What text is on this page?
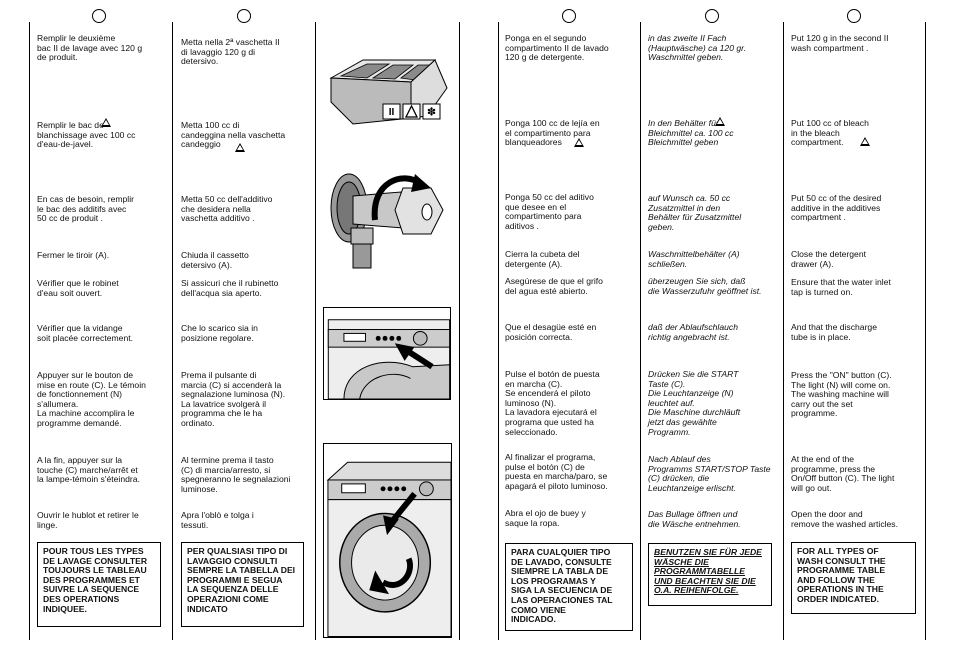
Remplir le deuxième
bac II de lavage avec 120 g
de produit.

Remplir le bac de
blanchissage avec 100 cc
d'eau-de-javel.

En cas de besoin, remplir
le bac des additifs avec
50 cc de produit .

Fermer le tiroir (A).

Vérifier que le robinet
d'eau soit ouvert.

Vérifier que la vidange
soit placée correctement.

Appuyer sur le bouton de
mise en route (C). Le témoin
de fonctionnement (N)
s'allumera.
La machine accomplira le
programme demandé.

A la fin, appuyer sur la
touche (C) marche/arrêt et
la lampe-témoin s'éteindra.

Ouvrir le hublot et retirer le
linge.

POUR TOUS LES TYPES
DE LAVAGE CONSULTER
TOUJOURS LE TABLEAU
DES PROGRAMMES ET
SUIVRE LA SEQUENCE
DES OPERATIONS
INDIQUEE.

Metta nella 2ª vaschetta II
di lavaggio 120 g di
detersivo.

Metta 100 cc di
candeggina nella vaschetta
candeggio

Metta 50 cc dell'additivo
che desidera nella
vaschetta additivo .

Chiuda il cassetto
detersivo (A).

Si assicuri che il rubinetto
dell'acqua sia aperto.

Che lo scarico sia in
posizione regolare.

Prema il pulsante di
marcia (C) si accenderà la
segnalazione luminosa (N).
La lavatrice svolgerà il
programma che le ha
ordinato.

Al termine prema il tasto
(C) di marcia/arresto, si
spegneranno le segnalazioni
luminose.

Apra l'oblò e tolga i
tessuti.

PER QUALSIASI TIPO DI
LAVAGGIO CONSULTI
SEMPRE LA TABELLA DEI
PROGRAMMI E SEGUA
LA SEQUENZA DELLE
OPERAZIONI COME
INDICATO
II	✽

Ponga en el segundo
compartimento II de lavado
120 g de detergente.

Ponga 100 cc de lejía en
el compartimento para
blanqueadores

Ponga 50 cc del aditivo
que desee en el
compartimento para
aditivos .

Cierra la cubeta del
detergente (A).

Asegúrese de que el grifo
del agua esté abierto.

Que el desagüe esté en
posición correcta.

Pulse el botón de puesta
en marcha (C).
Se encenderá el piloto
luminoso (N).
La lavadora ejecutará el
programa que usted ha
seleccionado.

Al finalizar el programa,
pulse el botón (C) de
puesta en marcha/paro, se
apagará el piloto luminoso.

Abra el ojo de buey y
saque la ropa.

PARA CUALQUIER TIPO
DE LAVADO, CONSULTE
SIEMPRE LA TABLA DE
LOS PROGRAMAS Y
SIGA LA SECUENCIA DE
LAS OPERACIONES TAL
COMO VIENE
INDICADO.

in das zweite II Fach
(Hauptwäsche) ca 120 gr.
Waschmittel geben.

In den Behälter für
Bleichmittel ca. 100 cc
Bleichmittel geben

auf Wunsch ca. 50 cc
Zusatzmittel in den
Behälter für Zusatzmittel
geben.

Waschmittelbehälter (A)
schließen.

überzeugen Sie sich, daß
die Wasserzufuhr geöffnet ist.

daß der Ablaufschlauch
richtig angebracht ist.

Drücken Sie die START
Taste (C).
Die Leuchtanzeige (N)
leuchtet auf.
Die Maschine durchläuft
jetzt das gewählte
Programm.

Nach Ablauf des
Programms START/STOP Taste
(C) drücken, die
Leuchtanzeige erlischt.

Das Bullage öffnen und
die Wäsche entnehmen.

BENUTZEN SIE FÜR JEDE
WÄSCHE DIE
PROGRAMMTABELLE
UND BEACHTEN SIE DIE
O.A. REIHENFOLGE.

Put 120 g in the second II
wash compartment .

Put 100 cc of bleach
in the bleach
compartment.

Put 50 cc of the desired
additive in the additives
compartment .

Close the detergent
drawer (A).

Ensure that the water inlet
tap is turned on.

And that the discharge
tube is in place.

Press the "ON" button (C).
The light (N) will come on.
The washing machine will
carry out the set
programme.

At the end of the
programme, press the
On/Off button (C). The light
will go out.

Open the door and
remove the washed articles.

FOR ALL TYPES OF
WASH CONSULT THE
PROGRAMME TABLE
AND FOLLOW THE
OPERATIONS IN THE
ORDER INDICATED.
